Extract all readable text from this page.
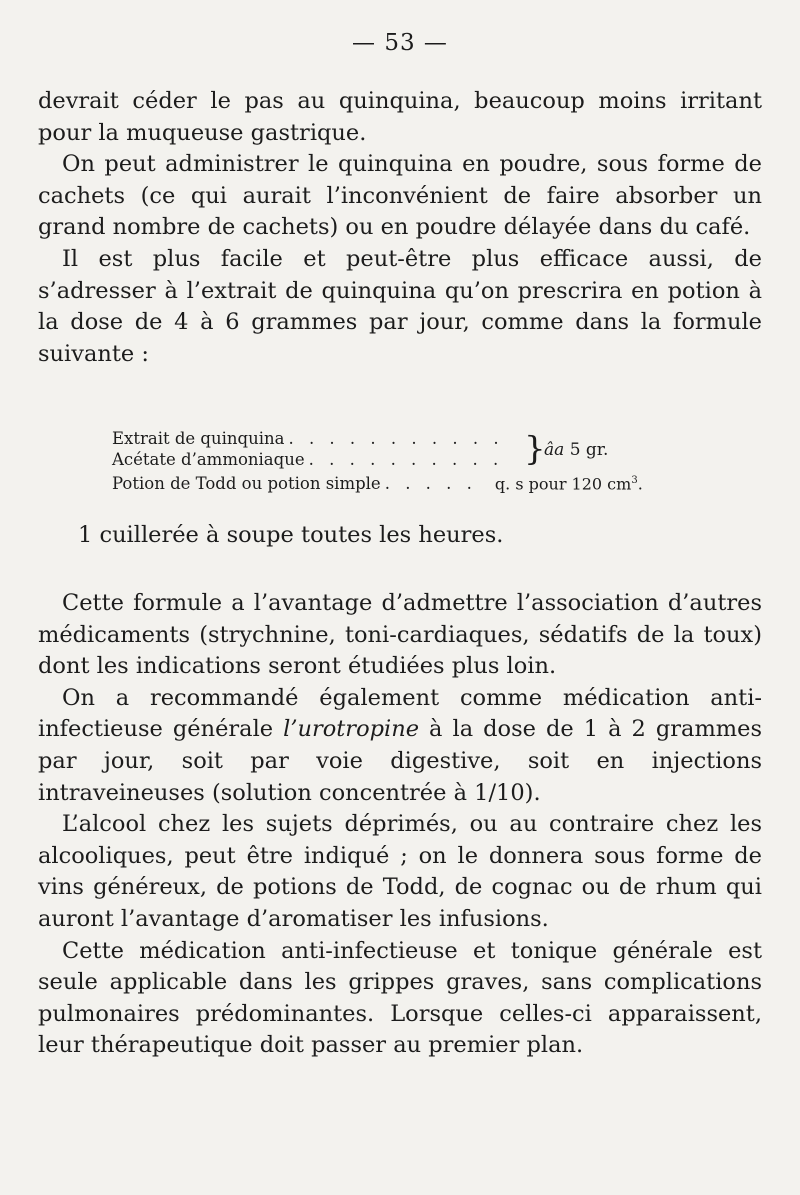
— 53 —

devrait céder le pas au quinquina, beaucoup moins irritant pour la muqueuse gastrique.

On peut administrer le quinquina en poudre, sous forme de cachets (ce qui aurait l’inconvénient de faire absorber un grand nombre de cachets) ou en poudre délayée dans du café.

Il est plus facile et peut-être plus efficace aussi, de s’adresser à l’extrait de quinquina qu’on prescrira en potion à la dose de 4 à 6 grammes par jour, comme dans la formule suivante :

Extrait de quinquina . . . . . . . . . . .
Acétate d’ammoniaque . . . . . . . . . .
Potion de Todd ou potion simple . . . . . q. s pour 120 $cm^3$.
}
âa 5 gr.
1 cuillerée à soupe toutes les heures.

Cette formule a l’avantage d’admettre l’association d’autres médicaments (strychnine, toni-cardiaques, sédatifs de la toux) dont les indications seront étudiées plus loin.

On a recommandé également comme médication anti-infectieuse générale l’urotropine à la dose de 1 à 2 grammes par jour, soit par voie digestive, soit en injections intraveineuses (solution concentrée à 1/10).

L’alcool chez les sujets déprimés, ou au contraire chez les alcooliques, peut être indiqué ; on le donnera sous forme de vins généreux, de potions de Todd, de cognac ou de rhum qui auront l’avantage d’aromatiser les infusions.

Cette médication anti-infectieuse et tonique générale est seule applicable dans les grippes graves, sans complications pulmonaires prédominantes. Lorsque celles-ci apparaissent, leur thérapeutique doit passer au premier plan.
